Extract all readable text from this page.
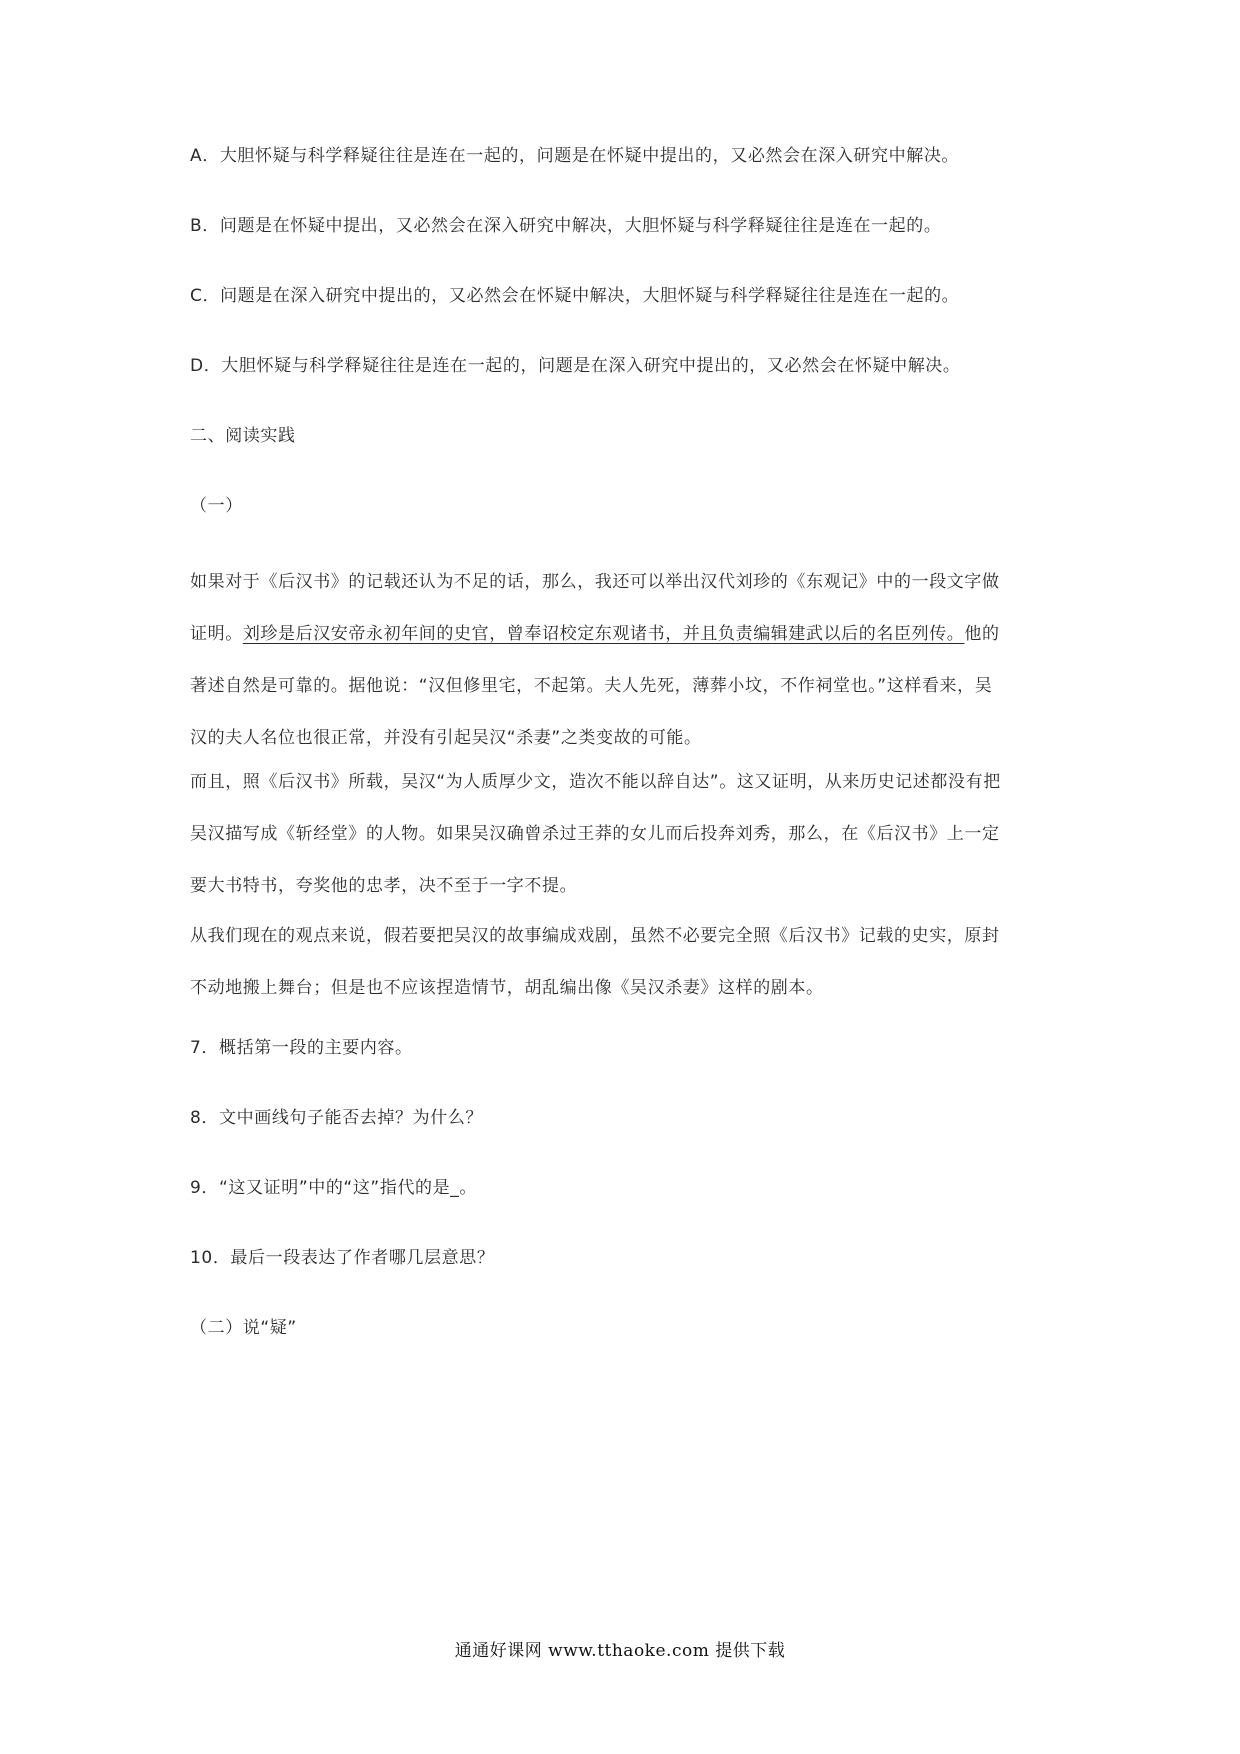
A．大胆怀疑与科学释疑往往是连在一起的，问题是在怀疑中提出的，又必然会在深入研究中解决。

B．问题是在怀疑中提出，又必然会在深入研究中解决，大胆怀疑与科学释疑往往是连在一起的。

C．问题是在深入研究中提出的，又必然会在怀疑中解决，大胆怀疑与科学释疑往往是连在一起的。

D．大胆怀疑与科学释疑往往是连在一起的，问题是在深入研究中提出的，又必然会在怀疑中解决。

二、阅读实践

（一）

如果对于《后汉书》的记载还认为不足的话，那么，我还可以举出汉代刘珍的《东观记》中的一段文字做
证明。刘珍是后汉安帝永初年间的史官，曾奉诏校定东观诸书，并且负责编辑建武以后的名臣列传。他的
著述自然是可靠的。据他说：“汉但修里宅，不起第。夫人先死，薄葬小坟，不作祠堂也。”这样看来，吴
汉的夫人名位也很正常，并没有引起吴汉“杀妻”之类变故的可能。
而且，照《后汉书》所载，吴汉“为人质厚少文，造次不能以辞自达”。这又证明，从来历史记述都没有把
吴汉描写成《斩经堂》的人物。如果吴汉确曾杀过王莽的女儿而后投奔刘秀，那么，在《后汉书》上一定
要大书特书，夸奖他的忠孝，决不至于一字不提。
从我们现在的观点来说，假若要把吴汉的故事编成戏剧，虽然不必要完全照《后汉书》记载的史实，原封
不动地搬上舞台；但是也不应该捏造情节，胡乱编出像《吴汉杀妻》这样的剧本。

7．概括第一段的主要内容。

8．文中画线句子能否去掉？为什么？

9．“这又证明”中的“这”指代的是_。

10．最后一段表达了作者哪几层意思？

（二）说“疑”

通通好课网 www.tthaoke.com 提供下载
